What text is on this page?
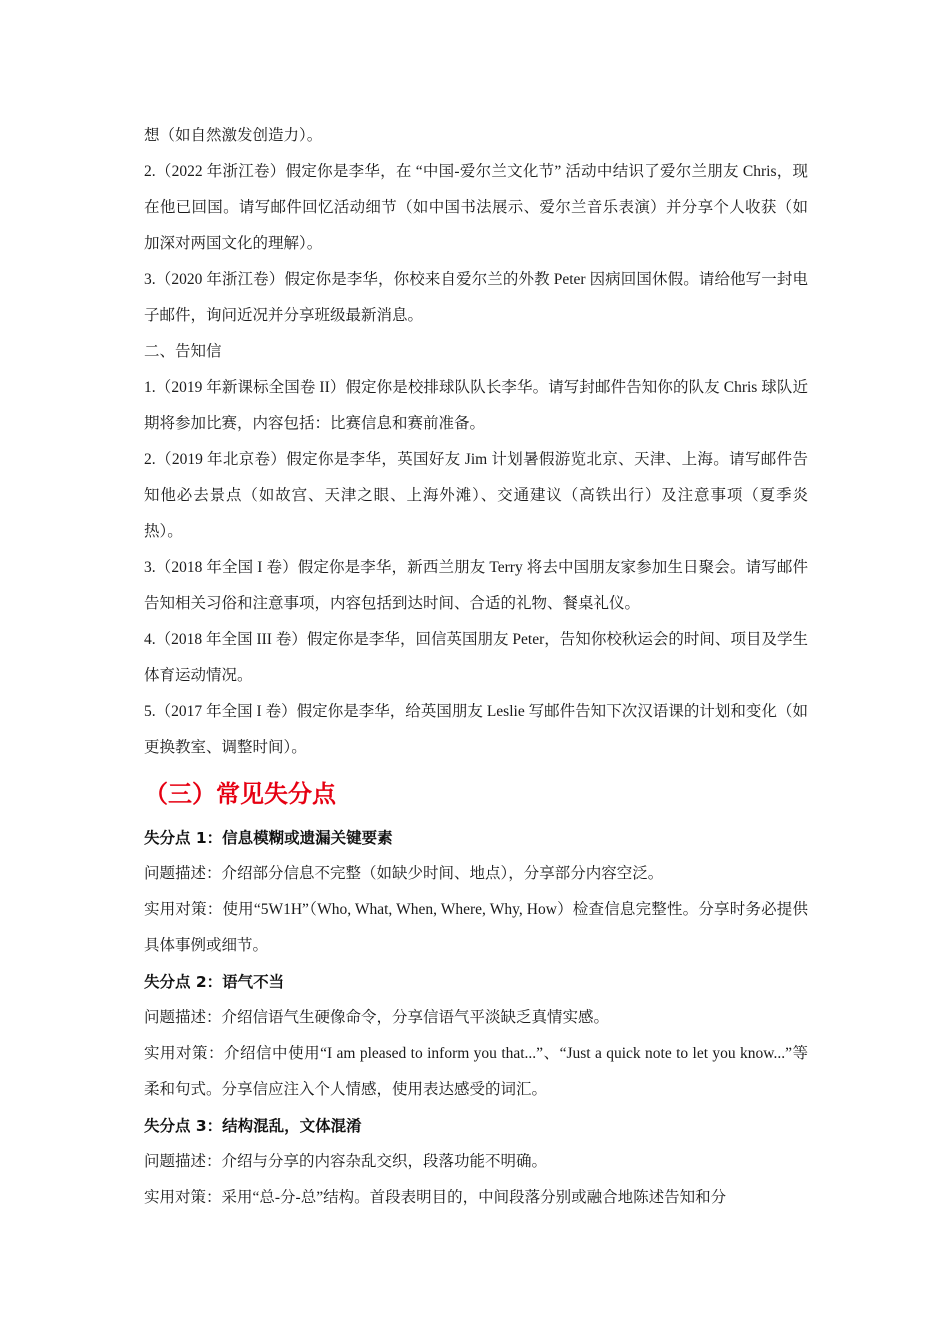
想（如自然激发创造力）。

2.（2022 年浙江卷）假定你是李华，在 “中国-爱尔兰文化节” 活动中结识了爱尔兰朋友 Chris，现在他已回国。请写邮件回忆活动细节（如中国书法展示、爱尔兰音乐表演）并分享个人收获（如加深对两国文化的理解）。

3.（2020 年浙江卷）假定你是李华，你校来自爱尔兰的外教 Peter 因病回国休假。请给他写一封电子邮件，询问近况并分享班级最新消息。

二、告知信

1.（2019 年新课标全国卷 II）假定你是校排球队队长李华。请写封邮件告知你的队友 Chris 球队近期将参加比赛，内容包括：比赛信息和赛前准备。

2.（2019 年北京卷）假定你是李华，英国好友 Jim 计划暑假游览北京、天津、上海。请写邮件告知他必去景点（如故宫、天津之眼、上海外滩）、交通建议（高铁出行）及注意事项（夏季炎热）。

3.（2018 年全国 I 卷）假定你是李华，新西兰朋友 Terry 将去中国朋友家参加生日聚会。请写邮件告知相关习俗和注意事项，内容包括到达时间、合适的礼物、餐桌礼仪。

4.（2018 年全国 III 卷）假定你是李华，回信英国朋友 Peter，告知你校秋运会的时间、项目及学生体育运动情况。

5.（2017 年全国 I 卷）假定你是李华，给英国朋友 Leslie 写邮件告知下次汉语课的计划和变化（如更换教室、调整时间）。

（三）常见失分点

失分点 1：信息模糊或遗漏关键要素

问题描述：介绍部分信息不完整（如缺少时间、地点），分享部分内容空泛。

实用对策：使用“5W1H”（Who, What, When, Where, Why, How）检查信息完整性。分享时务必提供具体事例或细节。

失分点 2：语气不当

问题描述：介绍信语气生硬像命令，分享信语气平淡缺乏真情实感。

实用对策：介绍信中使用“I am pleased to inform you that...”、“Just a quick note to let you know...”等柔和句式。分享信应注入个人情感，使用表达感受的词汇。

失分点 3：结构混乱，文体混淆

问题描述：介绍与分享的内容杂乱交织，段落功能不明确。

实用对策：采用“总-分-总”结构。首段表明目的，中间段落分别或融合地陈述告知和分
